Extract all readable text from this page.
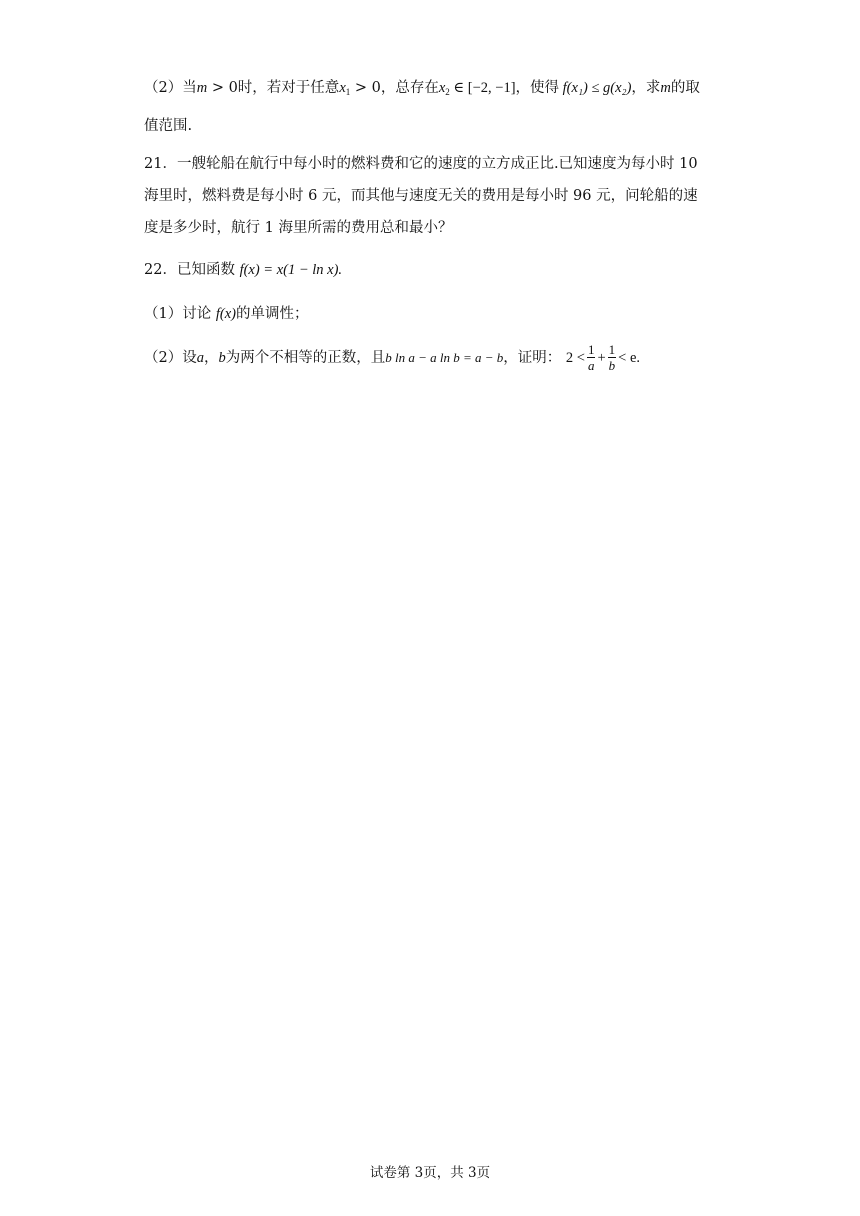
（2）当m > 0时，若对于任意$x_1 > 0$，总存在$x_2$ ∈ [−2, −1]，使得 f(x₁) ≤ g(x₂)，求m的取
值范围.
21．一艘轮船在航行中每小时的燃料费和它的速度的立方成正比.已知速度为每小时 10
海里时，燃料费是每小时 6 元，而其他与速度无关的费用是每小时 96 元，问轮船的速
度是多少时，航行 1 海里所需的费用总和最小？
22．已知函数 f(x) = x(1 − ln x).
（1）讨论 f(x)的单调性；
（2）设a，b为两个不相等的正数，且b ln a − a ln b = a − b，证明： $2 < \frac{1}{a} + \frac{1}{b} < e$.
试卷第 3页，共 3页
